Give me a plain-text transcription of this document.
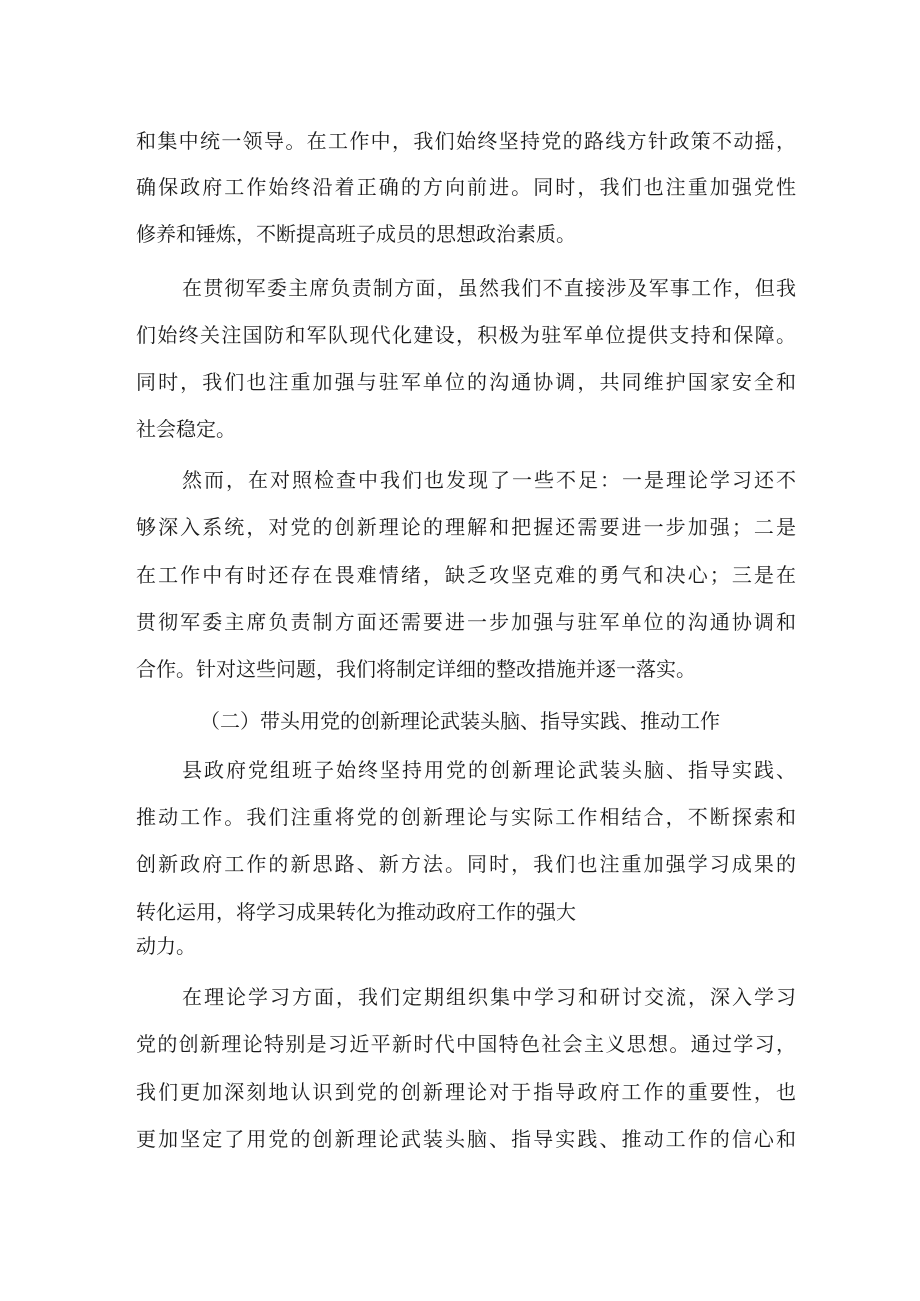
和集中统一领导。在工作中，我们始终坚持党的路线方针政策不动摇，
确保政府工作始终沿着正确的方向前进。同时，我们也注重加强党性
修养和锤炼，不断提高班子成员的思想政治素质。
在贯彻军委主席负责制方面，虽然我们不直接涉及军事工作，但我
们始终关注国防和军队现代化建设，积极为驻军单位提供支持和保障。
同时，我们也注重加强与驻军单位的沟通协调，共同维护国家安全和
社会稳定。
然而，在对照检查中我们也发现了一些不足：一是理论学习还不
够深入系统，对党的创新理论的理解和把握还需要进一步加强；二是
在工作中有时还存在畏难情绪，缺乏攻坚克难的勇气和决心；三是在
贯彻军委主席负责制方面还需要进一步加强与驻军单位的沟通协调和
合作。针对这些问题，我们将制定详细的整改措施并逐一落实。
（二）带头用党的创新理论武装头脑、指导实践、推动工作
县政府党组班子始终坚持用党的创新理论武装头脑、指导实践、
推动工作。我们注重将党的创新理论与实际工作相结合，不断探索和
创新政府工作的新思路、新方法。同时，我们也注重加强学习成果的
转化运用，将学习成果转化为推动政府工作的强大
动力。
在理论学习方面，我们定期组织集中学习和研讨交流，深入学习
党的创新理论特别是习近平新时代中国特色社会主义思想。通过学习，
我们更加深刻地认识到党的创新理论对于指导政府工作的重要性，也
更加坚定了用党的创新理论武装头脑、指导实践、推动工作的信心和
